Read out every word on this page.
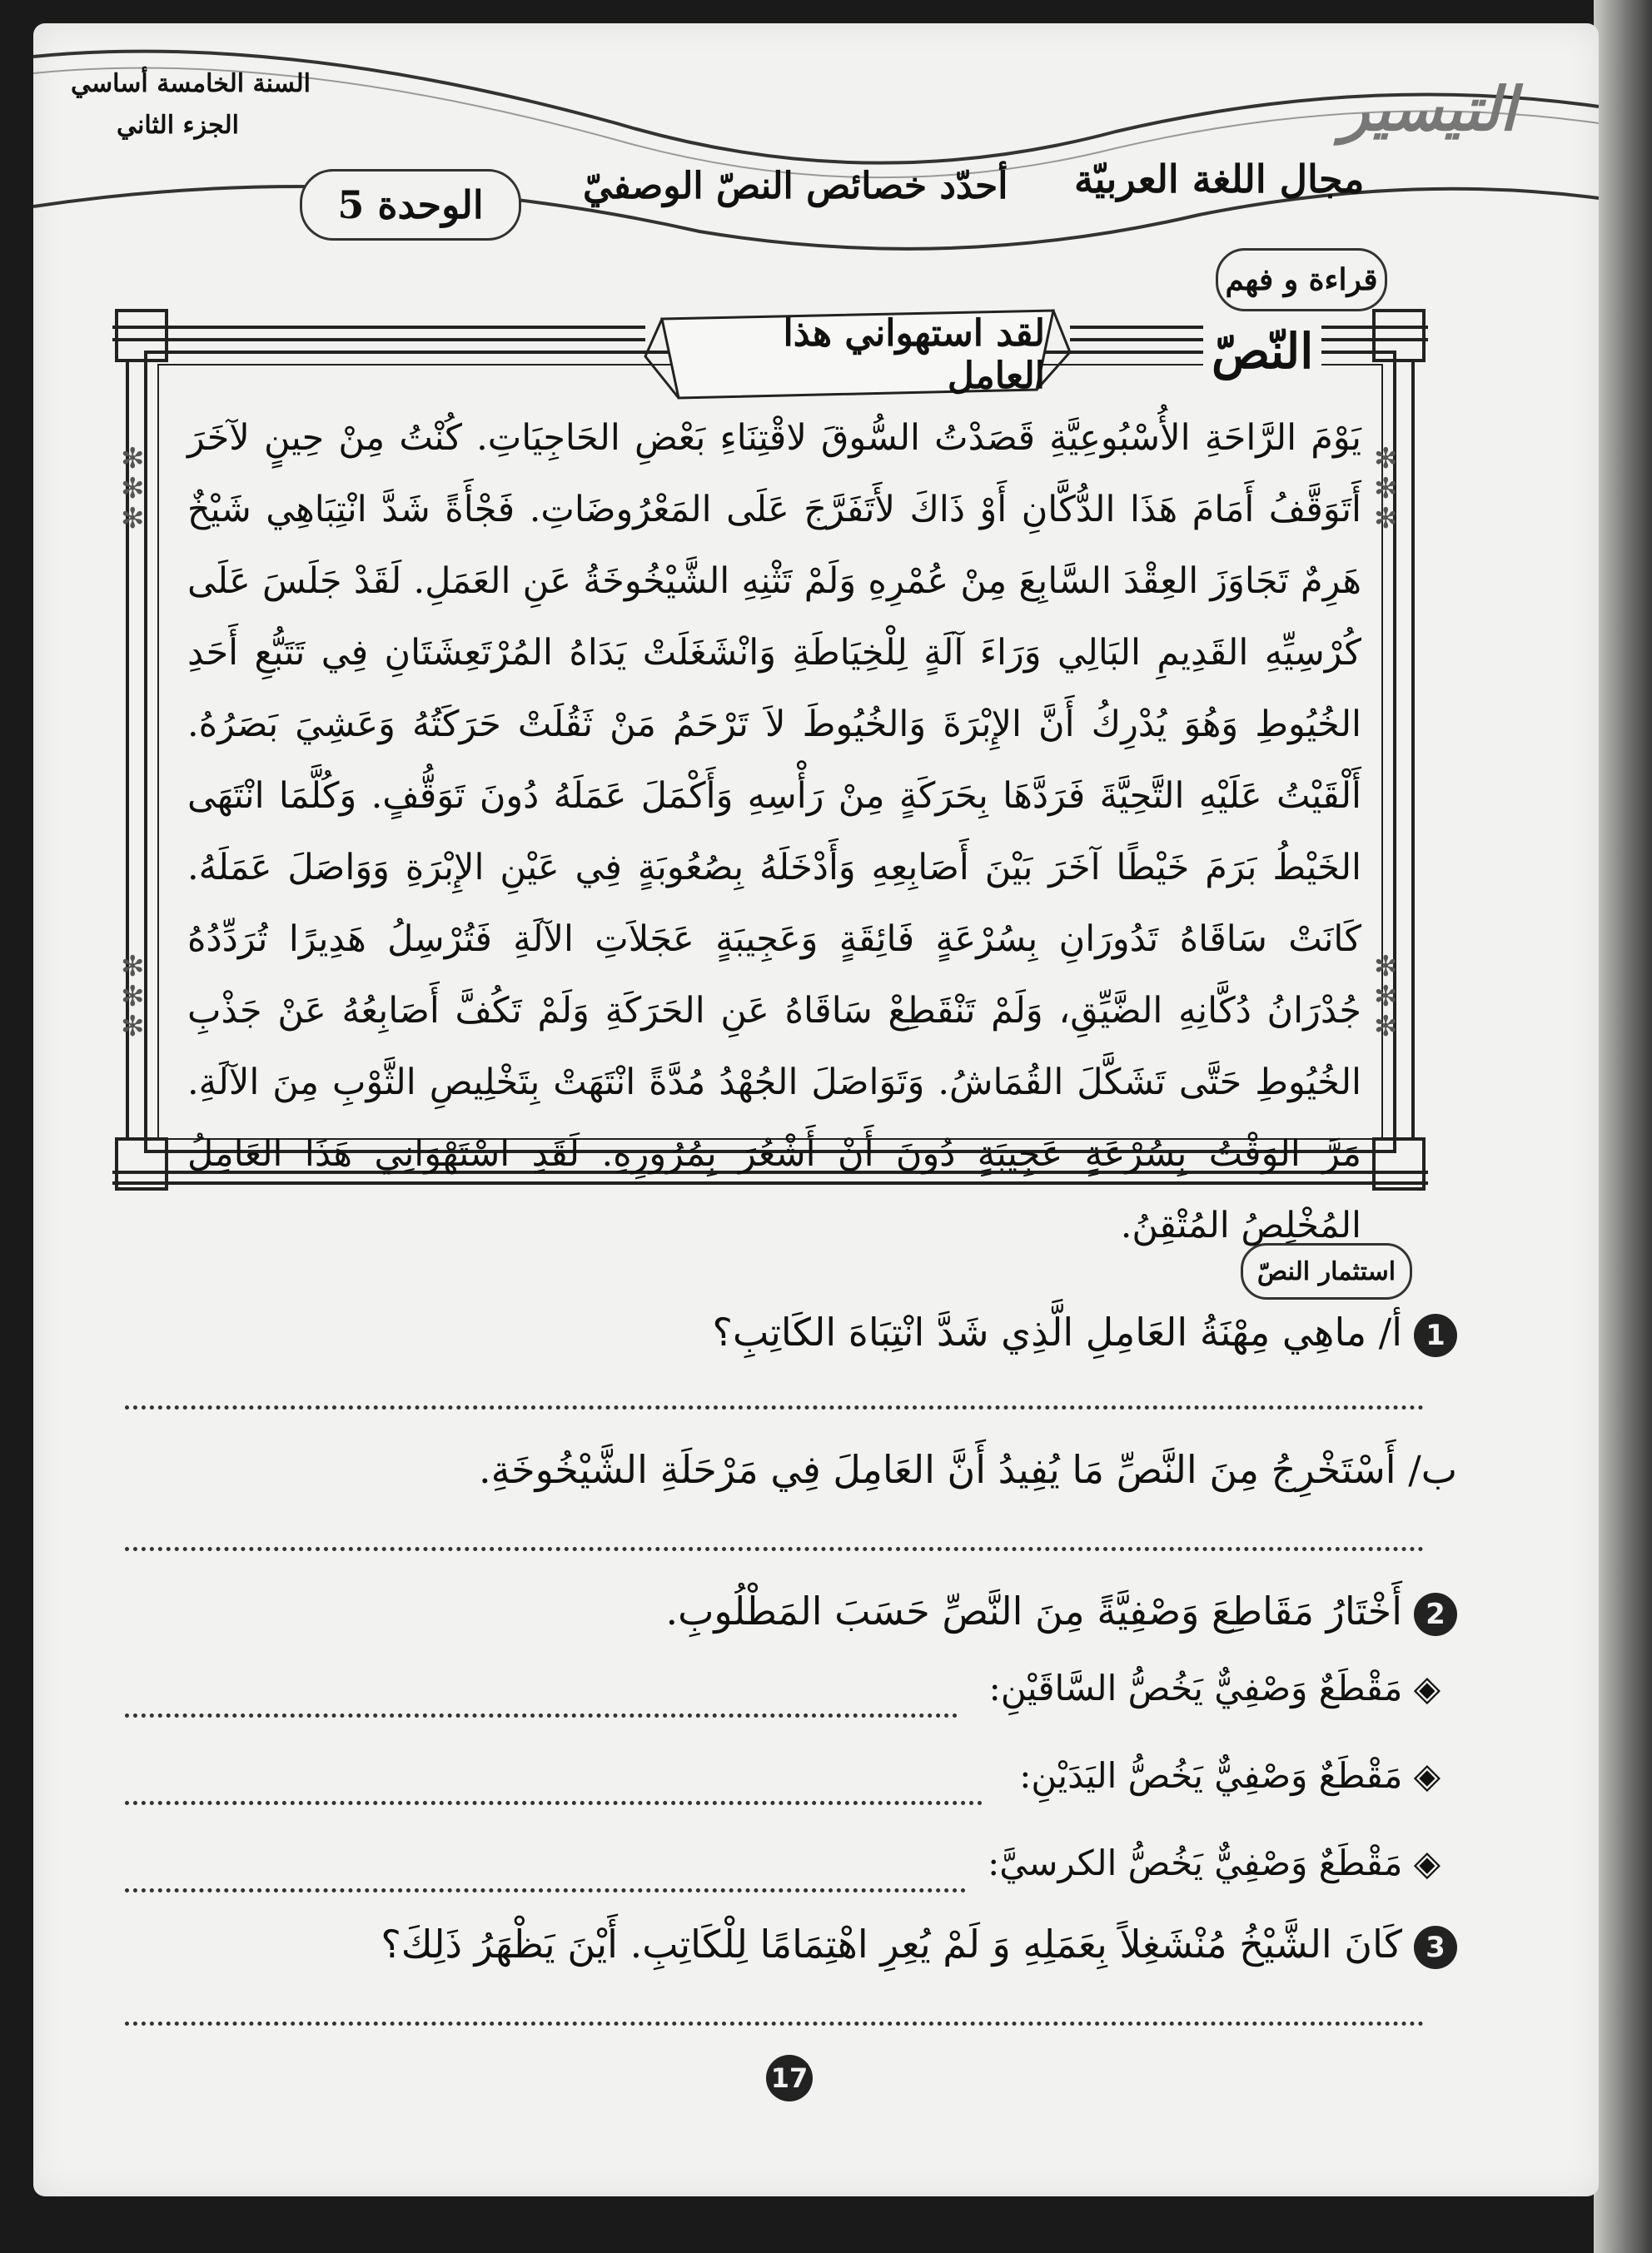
التيسير
مجال اللغة العربيّة
أحدّد خصائص النصّ الوصفيّ
الوحدة 5
السنة الخامسة أساسي
الجزء الثاني
قراءة و فهم
النّصّ
لقد استهواني هذا العامل
يَوْمَ الرَّاحَةِ الأُسْبُوعِيَّةِ قَصَدْتُ السُّوقَ لاقْتِنَاءِ بَعْضِ الحَاجِيَاتِ. كُنْتُ مِنْ حِينٍ لآخَرَ أَتَوَقَّفُ أَمَامَ هَذَا الدُّكَّانِ أَوْ ذَاكَ لأَتَفَرَّجَ عَلَى المَعْرُوضَاتِ. فَجْأَةً شَدَّ انْتِبَاهِي شَيْخٌ هَرِمٌ تَجَاوَزَ العِقْدَ السَّابِعَ مِنْ عُمْرِهِ وَلَمْ تَثْنِهِ الشَّيْخُوخَةُ عَنِ العَمَلِ. لَقَدْ جَلَسَ عَلَى كُرْسِيِّهِ القَدِيمِ البَالِي وَرَاءَ آلَةٍ لِلْخِيَاطَةِ وَانْشَغَلَتْ يَدَاهُ المُرْتَعِشَتَانِ فِي تَتَبُّعِ أَحَدِ الخُيُوطِ وَهُوَ يُدْرِكُ أَنَّ الإِبْرَةَ وَالخُيُوطَ لاَ تَرْحَمُ مَنْ ثَقُلَتْ حَرَكَتُهُ وَعَشِيَ بَصَرُهُ. أَلْقَيْتُ عَلَيْهِ التَّحِيَّةَ فَرَدَّهَا بِحَرَكَةٍ مِنْ رَأْسِهِ وَأَكْمَلَ عَمَلَهُ دُونَ تَوَقُّفٍ. وَكُلَّمَا انْتَهَى الخَيْطُ بَرَمَ خَيْطًا آخَرَ بَيْنَ أَصَابِعِهِ وَأَدْخَلَهُ بِصُعُوبَةٍ فِي عَيْنِ الإِبْرَةِ وَوَاصَلَ عَمَلَهُ. كَانَتْ سَاقَاهُ تَدُورَانِ بِسُرْعَةٍ فَائِقَةٍ وَعَجِيبَةٍ عَجَلاَتِ الآلَةِ فَتُرْسِلُ هَدِيرًا تُرَدِّدُهُ جُدْرَانُ دُكَّانِهِ الضَّيِّقِ، وَلَمْ تَنْقَطِعْ سَاقَاهُ عَنِ الحَرَكَةِ وَلَمْ تَكُفَّ أَصَابِعُهُ عَنْ جَذْبِ الخُيُوطِ حَتَّى تَشَكَّلَ القُمَاشُ. وَتَوَاصَلَ الجُهْدُ مُدَّةً انْتَهَتْ بِتَخْلِيصِ الثَّوْبِ مِنَ الآلَةِ. مَرَّ الوَقْتُ بِسُرْعَةٍ عَجِيبَةٍ دُونَ أَنْ أَشْعُرَ بِمُرُورِهِ. لَقَدِ اسْتَهْوَانِي هَذَا العَامِلُ المُخْلِصُ المُتْقِنُ.
✻
✻
✻
✻
✻
✻
✻
✻
✻
✻
✻
✻
استثمار النصّ
1أ/ ماهِي مِهْنَةُ العَامِلِ الَّذِي شَدَّ انْتِبَاهَ الكَاتِبِ؟
ب/ أَسْتَخْرِجُ مِنَ النَّصِّ مَا يُفِيدُ أَنَّ العَامِلَ فِي مَرْحَلَةِ الشَّيْخُوخَةِ.
2أَخْتَارُ مَقَاطِعَ وَصْفِيَّةً مِنَ النَّصِّ حَسَبَ المَطْلُوبِ.
◈ مَقْطَعٌ وَصْفِيٌّ يَخُصُّ السَّاقَيْنِ:
◈ مَقْطَعٌ وَصْفِيٌّ يَخُصُّ اليَدَيْنِ:
◈ مَقْطَعٌ وَصْفِيٌّ يَخُصُّ الكرسيَّ:
3كَانَ الشَّيْخُ مُنْشَغِلاً بِعَمَلِهِ وَ لَمْ يُعِرِ اهْتِمَامًا لِلْكَاتِبِ. أَيْنَ يَظْهَرُ ذَلِكَ؟
17
